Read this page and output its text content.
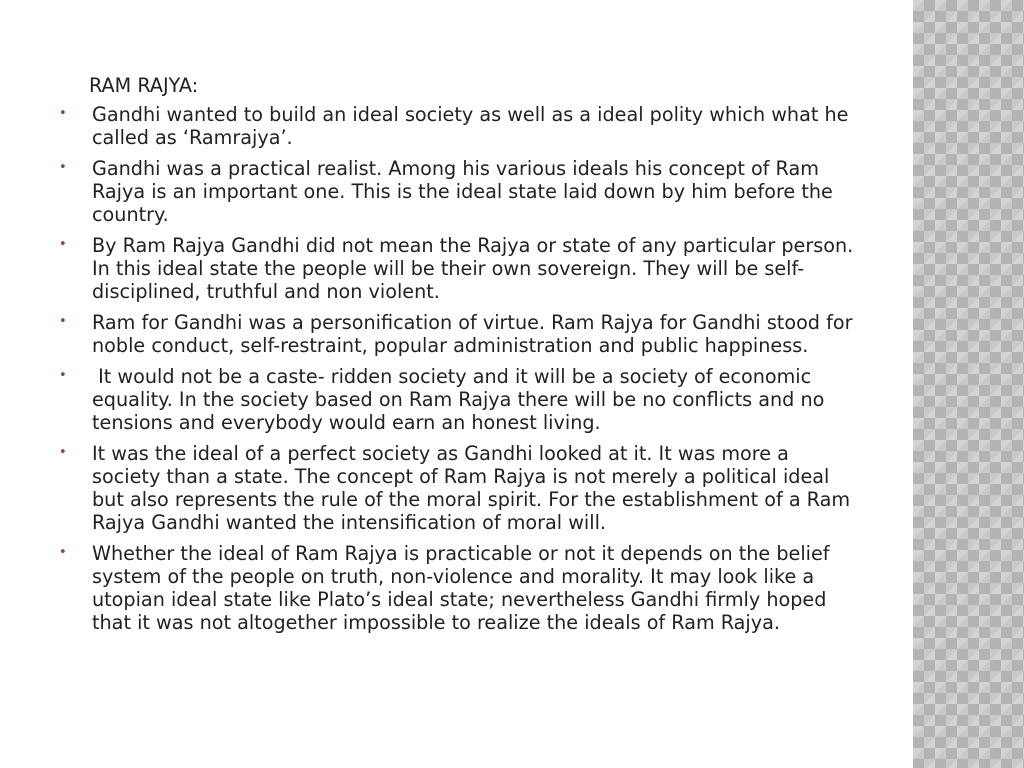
RAM RAJYA:
• Gandhi wanted to build an ideal society as well as a ideal polity which what he called as ‘Ramrajya’.
• Gandhi was a practical realist. Among his various ideals his concept of Ram Rajya is an important one. This is the ideal state laid down by him before the country.
• By Ram Rajya Gandhi did not mean the Rajya or state of any particular person. In this ideal state the people will be their own sovereign. They will be self- disciplined, truthful and non violent.
• Ram for Gandhi was a personification of virtue. Ram Rajya for Gandhi stood for noble conduct, self-restraint, popular administration and public happiness.
• It would not be a caste- ridden society and it will be a society of economic equality. In the society based on Ram Rajya there will be no conflicts and no tensions and everybody would earn an honest living.
• It was the ideal of a perfect society as Gandhi looked at it. It was more a society than a state. The concept of Ram Rajya is not merely a political ideal but also represents the rule of the moral spirit. For the establishment of a Ram Rajya Gandhi wanted the intensification of moral will.
• Whether the ideal of Ram Rajya is practicable or not it depends on the belief system of the people on truth, non-violence and morality. It may look like a utopian ideal state like Plato’s ideal state; nevertheless Gandhi firmly hoped that it was not altogether impossible to realize the ideals of Ram Rajya.
